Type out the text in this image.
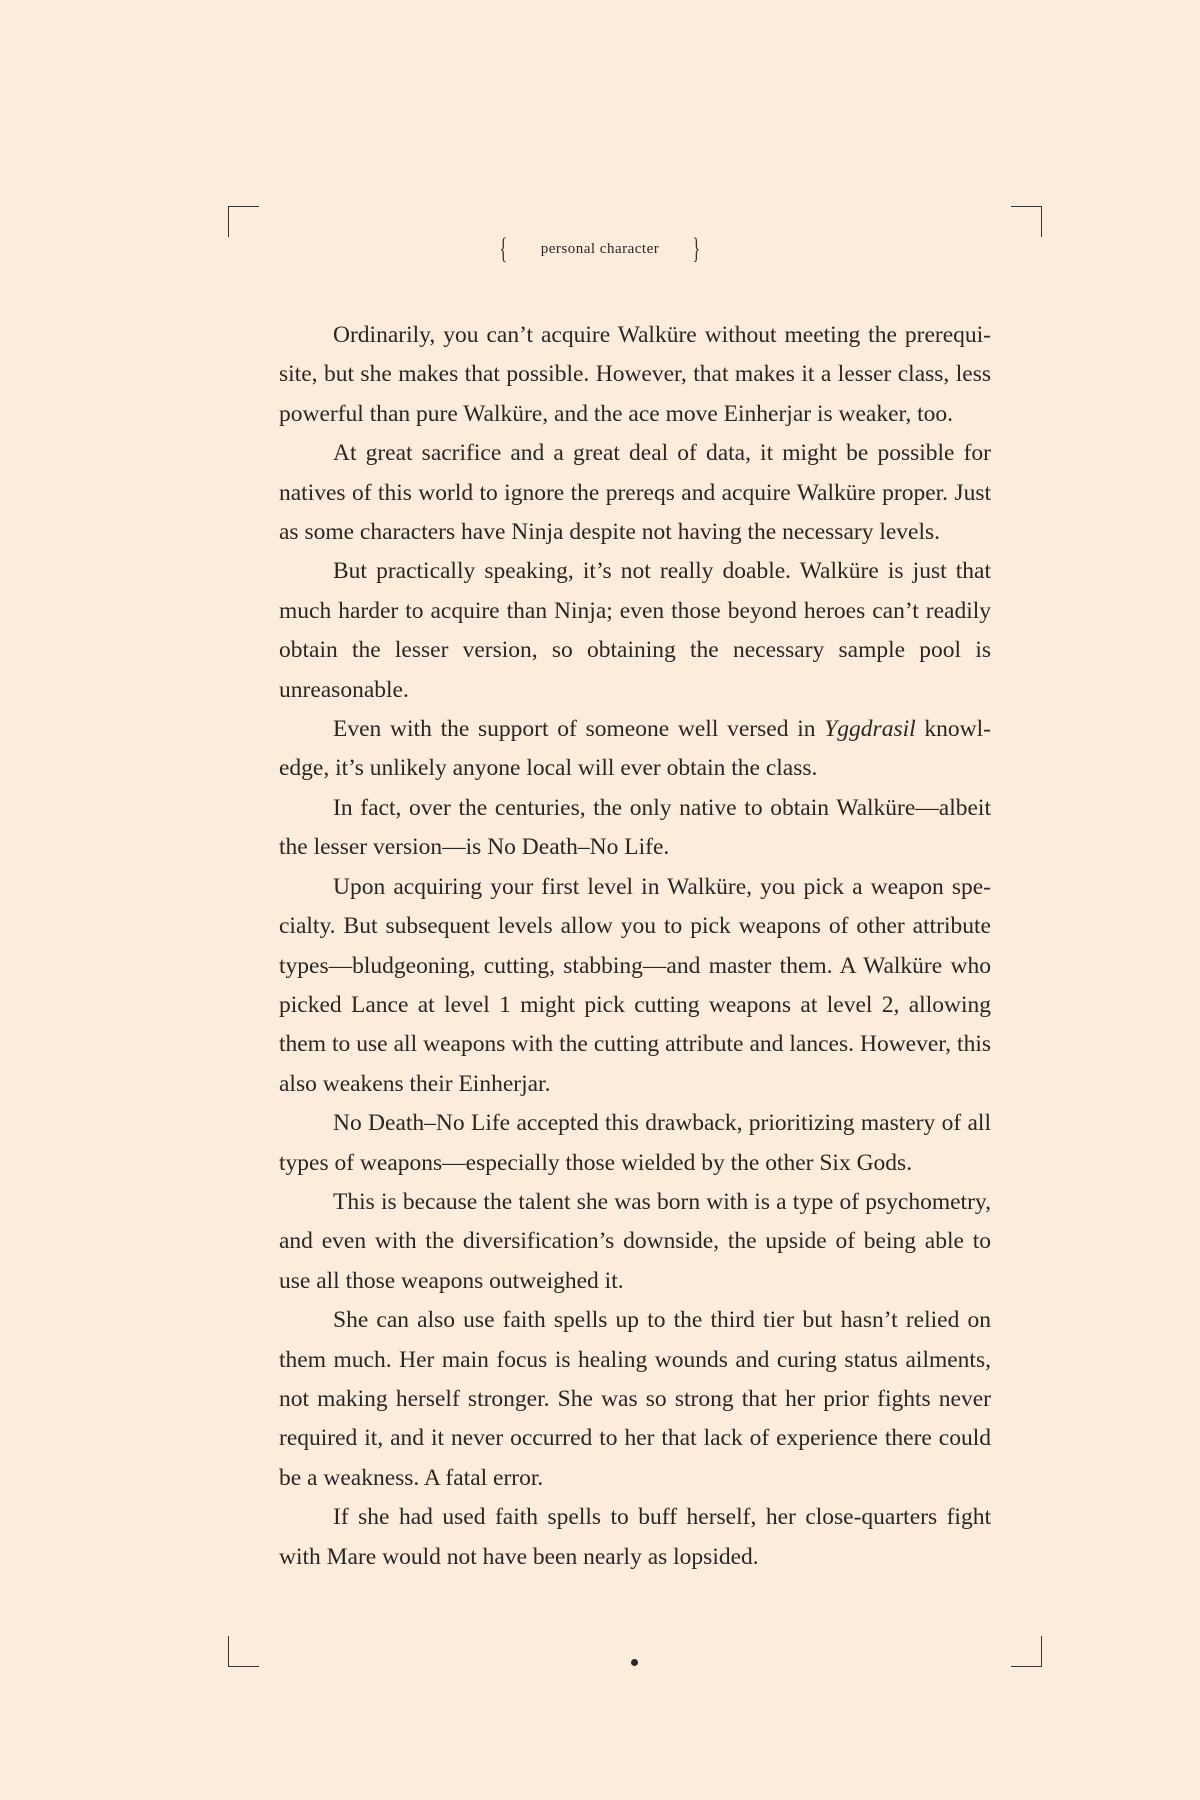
{ personal character }

Ordinarily, you can’t acquire Walküre without meeting the prerequisite, but she makes that possible. However, that makes it a lesser class, less powerful than pure Walküre, and the ace move Einherjar is weaker, too.

At great sacrifice and a great deal of data, it might be possible for natives of this world to ignore the prereqs and acquire Walküre proper. Just as some characters have Ninja despite not having the necessary levels.

But practically speaking, it’s not really doable. Walküre is just that much harder to acquire than Ninja; even those beyond heroes can’t readily obtain the lesser version, so obtaining the necessary sample pool is unreasonable.

Even with the support of someone well versed in Yggdrasil knowledge, it’s unlikely anyone local will ever obtain the class.

In fact, over the centuries, the only native to obtain Walküre—albeit the lesser version—is No Death–No Life.

Upon acquiring your first level in Walküre, you pick a weapon specialty. But subsequent levels allow you to pick weapons of other attribute types—bludgeoning, cutting, stabbing—and master them. A Walküre who picked Lance at level 1 might pick cutting weapons at level 2, allowing them to use all weapons with the cutting attribute and lances. However, this also weakens their Einherjar.

No Death–No Life accepted this drawback, prioritizing mastery of all types of weapons—especially those wielded by the other Six Gods.

This is because the talent she was born with is a type of psychometry, and even with the diversification’s downside, the upside of being able to use all those weapons outweighed it.

She can also use faith spells up to the third tier but hasn’t relied on them much. Her main focus is healing wounds and curing status ailments, not making herself stronger. She was so strong that her prior fights never required it, and it never occurred to her that lack of experience there could be a weakness. A fatal error.

If she had used faith spells to buff herself, her close-quarters fight with Mare would not have been nearly as lopsided.
